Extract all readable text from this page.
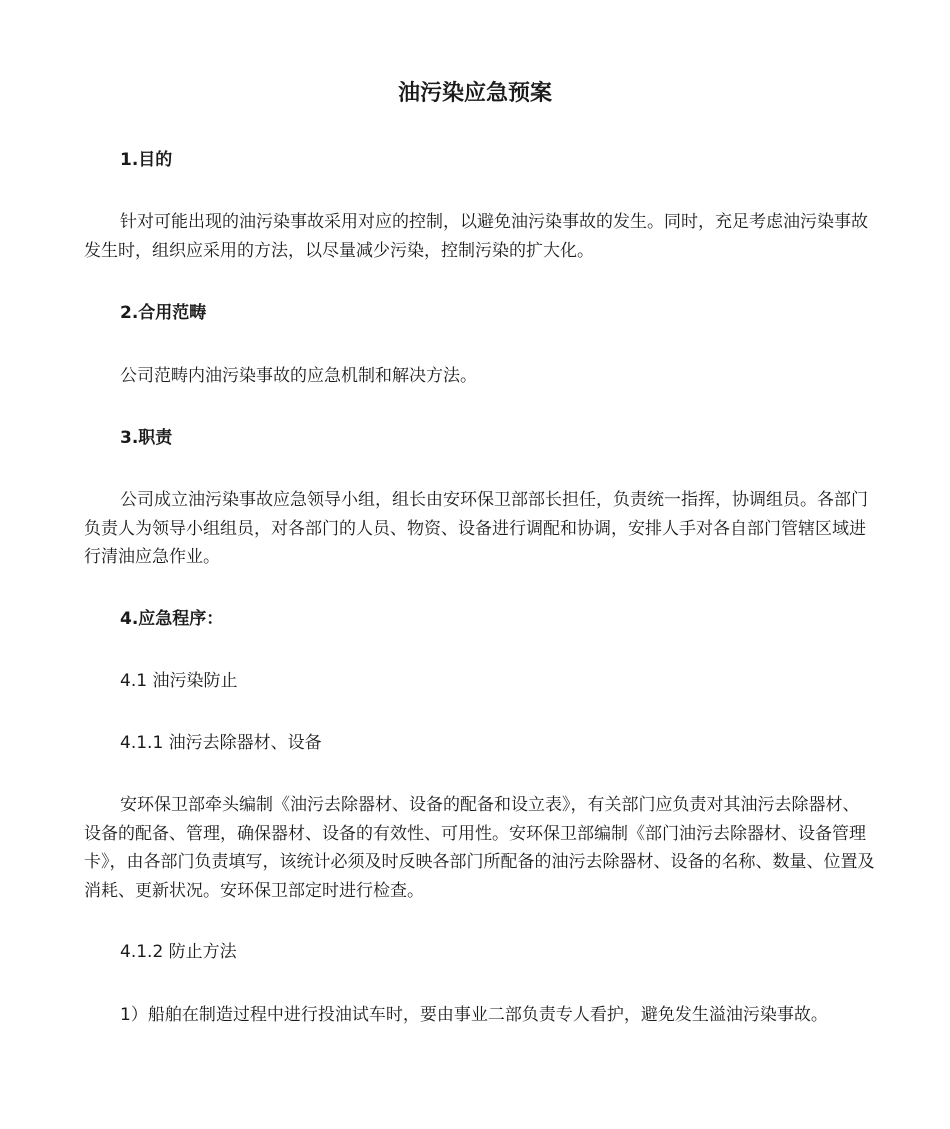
油污染应急预案

1.目的

针对可能出现的油污染事故采用对应的控制，以避免油污染事故的发生。同时，充足考虑油污染事故发生时，组织应采用的方法，以尽量减少污染，控制污染的扩大化。

2.合用范畴

公司范畴内油污染事故的应急机制和解决方法。

3.职责

公司成立油污染事故应急领导小组，组长由安环保卫部部长担任，负责统一指挥，协调组员。各部门负责人为领导小组组员，对各部门的人员、物资、设备进行调配和协调，安排人手对各自部门管辖区域进行清油应急作业。

4.应急程序：

4.1 油污染防止

4.1.1 油污去除器材、设备

安环保卫部牵头编制《油污去除器材、设备的配备和设立表》，有关部门应负责对其油污去除器材、设备的配备、管理，确保器材、设备的有效性、可用性。安环保卫部编制《部门油污去除器材、设备管理卡》，由各部门负责填写，该统计必须及时反映各部门所配备的油污去除器材、设备的名称、数量、位置及消耗、更新状况。安环保卫部定时进行检查。

4.1.2 防止方法

1）船舶在制造过程中进行投油试车时，要由事业二部负责专人看护，避免发生溢油污染事故。
